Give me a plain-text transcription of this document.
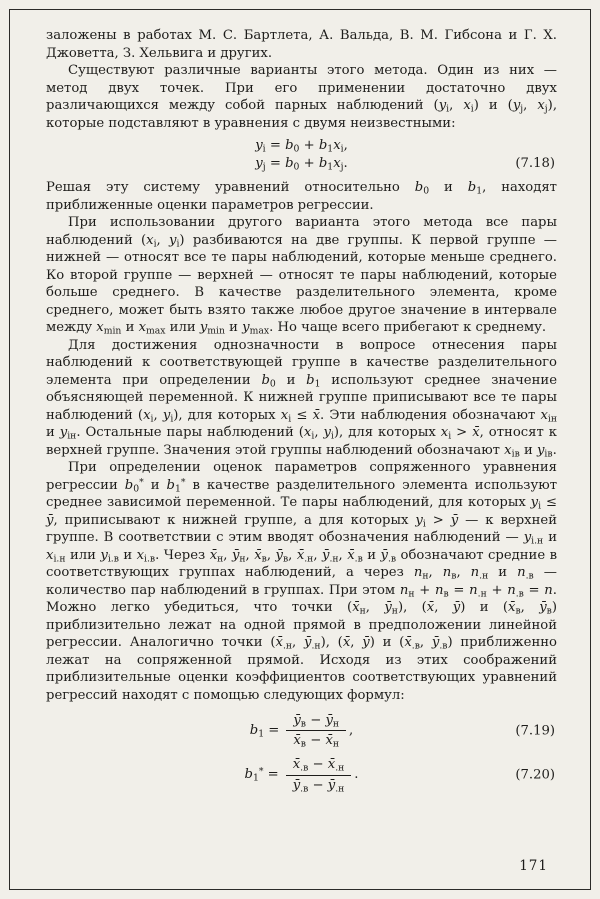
заложены в работах М. С. Бартлета, А. Вальда, В. М. Гибсона и Г. Х. Джоветта, З. Хельвига и других.

Существуют различные варианты этого метода. Один из них — метод двух точек. При его применении достаточно двух различающихся между собой парных наблюдений ($y_i$, $x_i$) и ($y_j$, $x_j$), которые подставляют в уравнения с двумя неизвестными:

$y_i = b_0 + b_1x_i$,
$y_j = b_0 + b_1x_j$.	(7.18)

Решая эту систему уравнений относительно $b_0$ и $b_1$, находят приближенные оценки параметров регрессии.

При использовании другого варианта этого метода все пары наблюдений ($x_i$, $y_i$) разбиваются на две группы. К первой группе — нижней — относят все те пары наблюдений, которые меньше среднего. Ко второй группе — верхней — относят те пары наблюдений, которые больше среднего. В качестве разделительного элемента, кроме среднего, может быть взято также любое другое значение в интервале между $x_{min}$ и $x_{max}$ или $y_{min}$ и $y_{max}$. Но чаще всего прибегают к среднему.

Для достижения однозначности в вопросе отнесения пары наблюдений к соответствующей группе в качестве разделительного элемента при определении $b_0$ и $b_1$ используют среднее значение объясняющей переменной. К нижней группе приписывают все те пары наблюдений ($x_i$, $y_i$), для которых $x_i$ ≤ x̄. Эти наблюдения обозначают $x_{iн}$ и $y_{iн}$. Остальные пары наблюдений ($x_i$, $y_i$), для которых $x_i$ > x̄, относят к верхней группе. Значения этой группы наблюдений обозначают $x_{iв}$ и $y_{iв}$.

При определении оценок параметров сопряженного уравнения регрессии $b_0^*$ и $b_1^*$ в качестве разделительного элемента используют среднее зависимой переменной. Те пары наблюдений, для которых $y_i$ ≤ ȳ, приписывают к нижней группе, а для которых $y_i$ > ȳ — к верхней группе. В соответствии с этим вводят обозначения наблюдений — $y_{i.н}$ и $x_{i.н}$ или $y_{i.в}$ и $x_{i.в}$. Через $x̄_н$, $ȳ_н$, $x̄_в$, $ȳ_в$, $x̄_{.н}$, $ȳ_{.н}$, $x̄_{.в}$ и $ȳ_{.в}$ обозначают средние в соответствующих группах наблюдений, а через $n_н$, $n_в$, $n_{.н}$ и $n_{.в}$ — количество пар наблюдений в группах. При этом $n_н + n_в = n_{.н} + n_{.в} = n$. Можно легко убедиться, что точки ($x̄_н$, $ȳ_н$), (x̄, ȳ) и ($x̄_в$, $ȳ_в$) приблизительно лежат на одной прямой в предположении линейной регрессии. Аналогично точки ($x̄_{.н}$, $ȳ_{.н}$), (x̄, ȳ) и ($x̄_{.в}$, $ȳ_{.в}$) приближенно лежат на сопряженной прямой. Исходя из этих соображений приблизительные оценки коэффициентов соответствующих уравнений регрессий находят с помощью следующих формул:

$b_1 = \frac{ȳ_в - ȳ_н}{x̄_в - x̄_н}$ ,	(7.19)
$b_1^* = \frac{x̄_{.в} - x̄_{.н}}{ȳ_{.в} - ȳ_{.н}}$ .	(7.20)
171
